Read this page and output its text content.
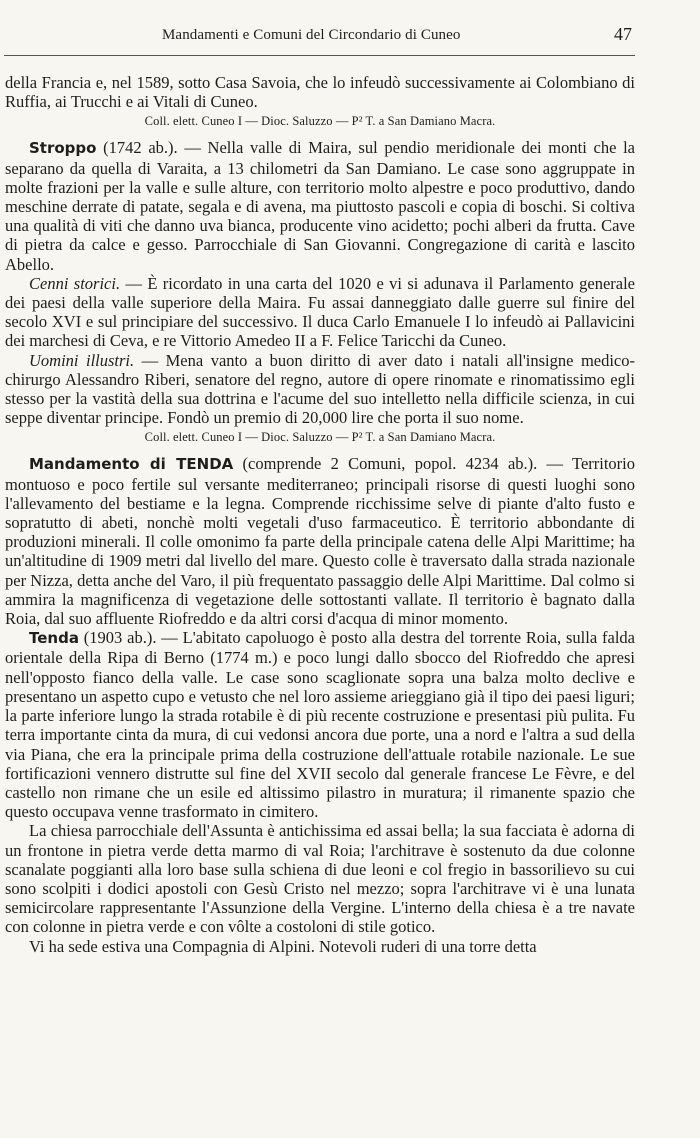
Mandamenti e Comuni del Circondario di Cuneo	47

della Francia e, nel 1589, sotto Casa Savoia, che lo infeudò successivamente ai Colombiano di Ruffia, ai Trucchi e ai Vitali di Cuneo.

Coll. elett. Cuneo I — Dioc. Saluzzo — P² T. a San Damiano Macra.

Stroppo (1742 ab.). — Nella valle di Maira, sul pendio meridionale dei monti che la separano da quella di Varaita, a 13 chilometri da San Damiano. Le case sono aggruppate in molte frazioni per la valle e sulle alture, con territorio molto alpestre e poco produttivo, dando meschine derrate di patate, segala e di avena, ma piuttosto pascoli e copia di boschi. Si coltiva una qualità di viti che danno uva bianca, producente vino acidetto; pochi alberi da frutta. Cave di pietra da calce e gesso. Parrocchiale di San Giovanni. Congregazione di carità e lascito Abello.

Cenni storici. — È ricordato in una carta del 1020 e vi si adunava il Parlamento generale dei paesi della valle superiore della Maira. Fu assai danneggiato dalle guerre sul finire del secolo XVI e sul principiare del successivo. Il duca Carlo Emanuele I lo infeudò ai Pallavicini dei marchesi di Ceva, e re Vittorio Amedeo II a F. Felice Taricchi da Cuneo.

Uomini illustri. — Mena vanto a buon diritto di aver dato i natali all'insigne medico-chirurgo Alessandro Riberi, senatore del regno, autore di opere rinomate e rinomatissimo egli stesso per la vastità della sua dottrina e l'acume del suo intelletto nella difficile scienza, in cui seppe diventar principe. Fondò un premio di 20,000 lire che porta il suo nome.

Coll. elett. Cuneo I — Dioc. Saluzzo — P² T. a San Damiano Macra.

Mandamento di TENDA (comprende 2 Comuni, popol. 4234 ab.). — Territorio montuoso e poco fertile sul versante mediterraneo; principali risorse di questi luoghi sono l'allevamento del bestiame e la legna. Comprende ricchissime selve di piante d'alto fusto e sopratutto di abeti, nonchè molti vegetali d'uso farmaceutico. È territorio abbondante di produzioni minerali. Il colle omonimo fa parte della principale catena delle Alpi Marittime; ha un'altitudine di 1909 metri dal livello del mare. Questo colle è traversato dalla strada nazionale per Nizza, detta anche del Varo, il più frequentato passaggio delle Alpi Marittime. Dal colmo si ammira la magnificenza di vegetazione delle sottostanti vallate. Il territorio è bagnato dalla Roia, dal suo affluente Riofreddo e da altri corsi d'acqua di minor momento.

Tenda (1903 ab.). — L'abitato capoluogo è posto alla destra del torrente Roia, sulla falda orientale della Ripa di Berno (1774 m.) e poco lungi dallo sbocco del Riofreddo che apresi nell'opposto fianco della valle. Le case sono scaglionate sopra una balza molto declive e presentano un aspetto cupo e vetusto che nel loro assieme arieggiano già il tipo dei paesi liguri; la parte inferiore lungo la strada rotabile è di più recente costruzione e presentasi più pulita. Fu terra importante cinta da mura, di cui vedonsi ancora due porte, una a nord e l'altra a sud della via Piana, che era la principale prima della costruzione dell'attuale rotabile nazionale. Le sue fortificazioni vennero distrutte sul fine del XVII secolo dal generale francese Le Fèvre, e del castello non rimane che un esile ed altissimo pilastro in muratura; il rimanente spazio che questo occupava venne trasformato in cimitero.

La chiesa parrocchiale dell'Assunta è antichissima ed assai bella; la sua facciata è adorna di un frontone in pietra verde detta marmo di val Roia; l'architrave è sostenuto da due colonne scanalate poggianti alla loro base sulla schiena di due leoni e col fregio in bassorilievo su cui sono scolpiti i dodici apostoli con Gesù Cristo nel mezzo; sopra l'architrave vi è una lunata semicircolare rappresentante l'Assunzione della Vergine. L'interno della chiesa è a tre navate con colonne in pietra verde e con vôlte a costoloni di stile gotico.

Vi ha sede estiva una Compagnia di Alpini. Notevoli ruderi di una torre detta
